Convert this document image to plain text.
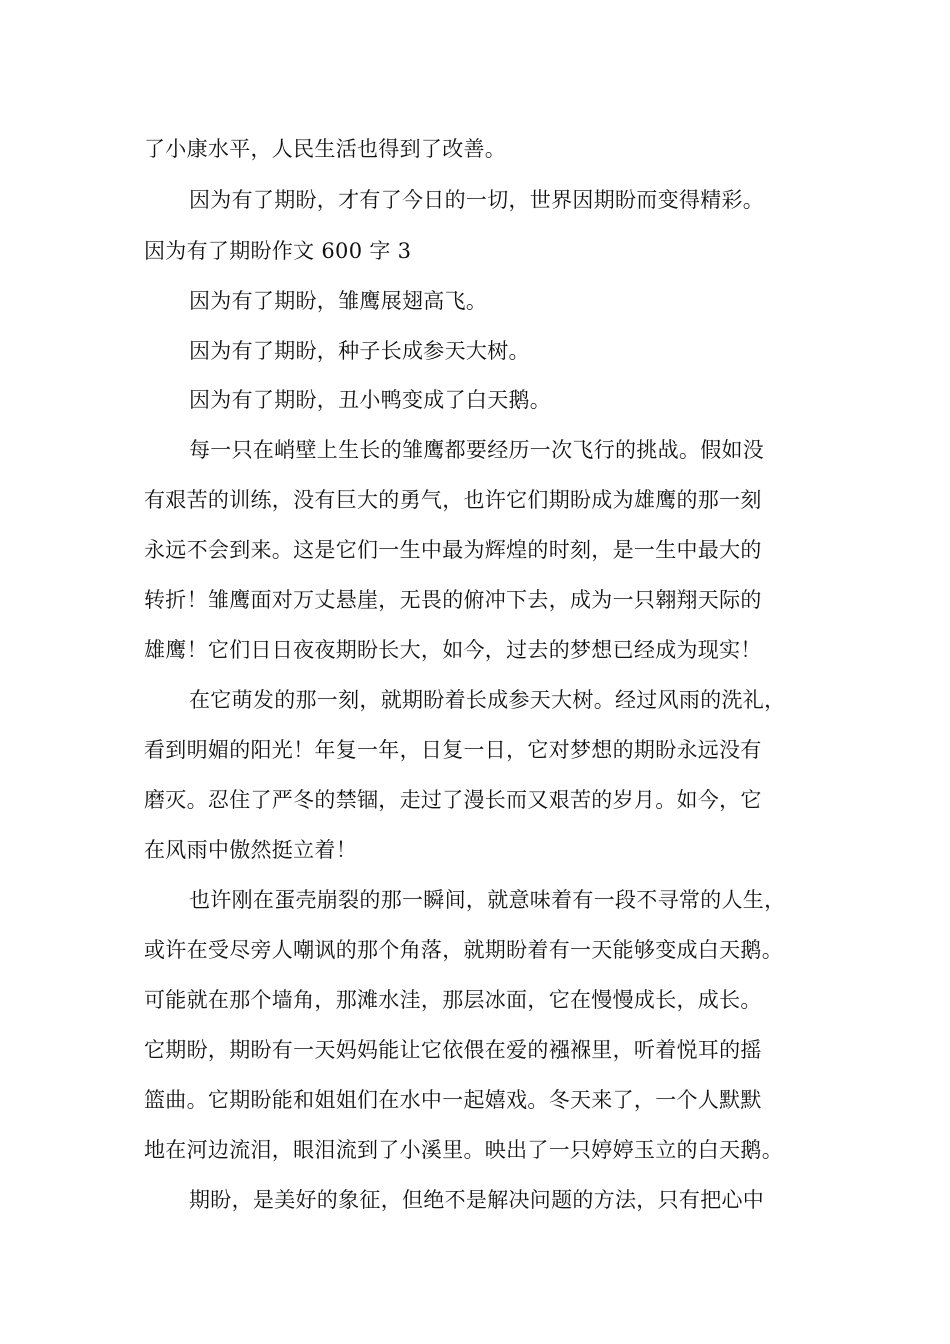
了小康水平，人民生活也得到了改善。
因为有了期盼，才有了今日的一切，世界因期盼而变得精彩。
因为有了期盼作文 600 字 3
因为有了期盼，雏鹰展翅高飞。
因为有了期盼，种子长成参天大树。
因为有了期盼，丑小鸭变成了白天鹅。
每一只在峭壁上生长的雏鹰都要经历一次飞行的挑战。假如没
有艰苦的训练，没有巨大的勇气，也许它们期盼成为雄鹰的那一刻
永远不会到来。这是它们一生中最为辉煌的时刻，是一生中最大的
转折！雏鹰面对万丈悬崖，无畏的俯冲下去，成为一只翱翔天际的
雄鹰！它们日日夜夜期盼长大，如今，过去的梦想已经成为现实！
在它萌发的那一刻，就期盼着长成参天大树。经过风雨的洗礼，
看到明媚的阳光！年复一年，日复一日，它对梦想的期盼永远没有
磨灭。忍住了严冬的禁锢，走过了漫长而又艰苦的岁月。如今，它
在风雨中傲然挺立着！
也许刚在蛋壳崩裂的那一瞬间，就意味着有一段不寻常的人生，
或许在受尽旁人嘲讽的那个角落，就期盼着有一天能够变成白天鹅。
可能就在那个墙角，那滩水洼，那层冰面，它在慢慢成长，成长。
它期盼，期盼有一天妈妈能让它依偎在爱的襁褓里，听着悦耳的摇
篮曲。它期盼能和姐姐们在水中一起嬉戏。冬天来了，一个人默默
地在河边流泪，眼泪流到了小溪里。映出了一只婷婷玉立的白天鹅。
期盼，是美好的象征，但绝不是解决问题的方法，只有把心中
